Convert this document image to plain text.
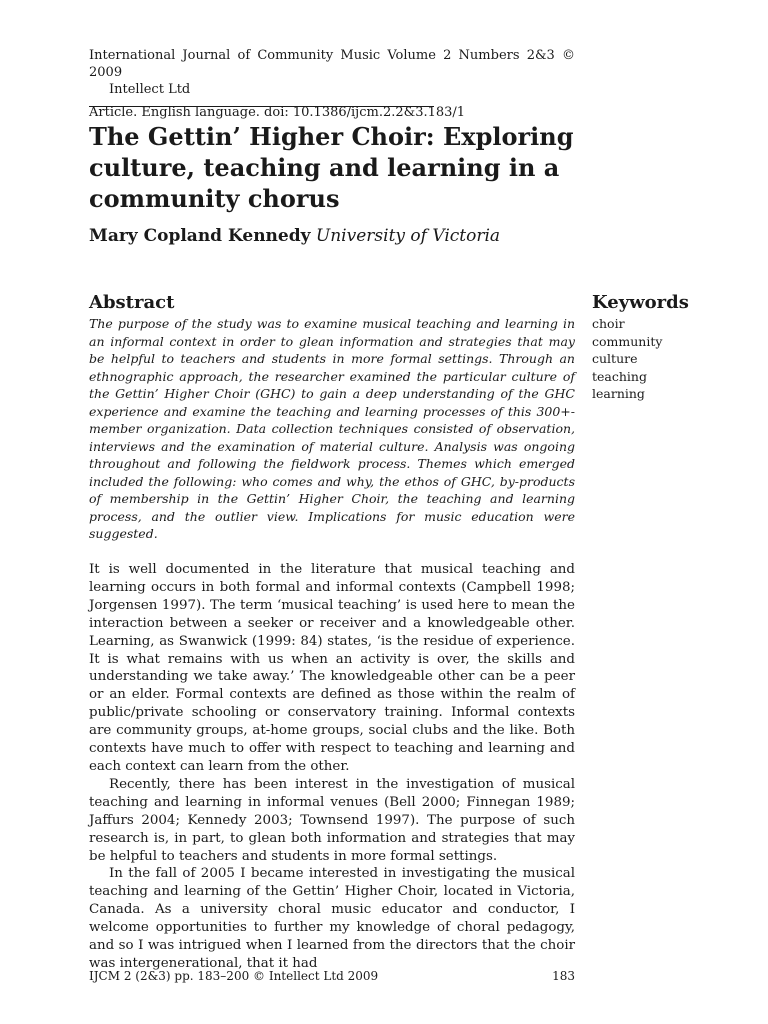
International Journal of Community Music Volume 2 Numbers 2&3 © 2009
Intellect Ltd
Article. English language. doi: 10.1386/ijcm.2.2&3.183/1
The Gettin’ Higher Choir: Exploring culture, teaching and learning in a community chorus
Mary Copland Kennedy University of Victoria
Abstract

The purpose of the study was to examine musical teaching and learning in an informal context in order to glean information and strategies that may be helpful to teachers and students in more formal settings. Through an ethnographic approach, the researcher examined the particular culture of the Gettin’ Higher Choir (GHC) to gain a deep understanding of the GHC experience and examine the teaching and learning processes of this 300+-member organization. Data collection techniques consisted of observation, interviews and the examination of material culture. Analysis was ongoing throughout and following the fieldwork process. Themes which emerged included the following: who comes and why, the ethos of GHC, by-products of membership in the Gettin’ Higher Choir, the teaching and learning process, and the outlier view. Implications for music education were suggested.

Keywords
choir
community
culture
teaching
learning

It is well documented in the literature that musical teaching and learning occurs in both formal and informal contexts (Campbell 1998; Jorgensen 1997). The term ‘musical teaching’ is used here to mean the interaction between a seeker or receiver and a knowledgeable other. Learning, as Swanwick (1999: 84) states, ‘is the residue of experience. It is what remains with us when an activity is over, the skills and understanding we take away.’ The knowledgeable other can be a peer or an elder. Formal contexts are defined as those within the realm of public/private schooling or conservatory training. Informal contexts are community groups, at-home groups, social clubs and the like. Both contexts have much to offer with respect to teaching and learning and each context can learn from the other.

Recently, there has been interest in the investigation of musical teaching and learning in informal venues (Bell 2000; Finnegan 1989; Jaffurs 2004; Kennedy 2003; Townsend 1997). The purpose of such research is, in part, to glean both information and strategies that may be helpful to teachers and students in more formal settings.

In the fall of 2005 I became interested in investigating the musical teaching and learning of the Gettin’ Higher Choir, located in Victoria, Canada. As a university choral music educator and conductor, I welcome opportunities to further my knowledge of choral pedagogy, and so I was intrigued when I learned from the directors that the choir was intergenerational, that it had

IJCM 2 (2&3) pp. 183–200 © Intellect Ltd 2009	183
